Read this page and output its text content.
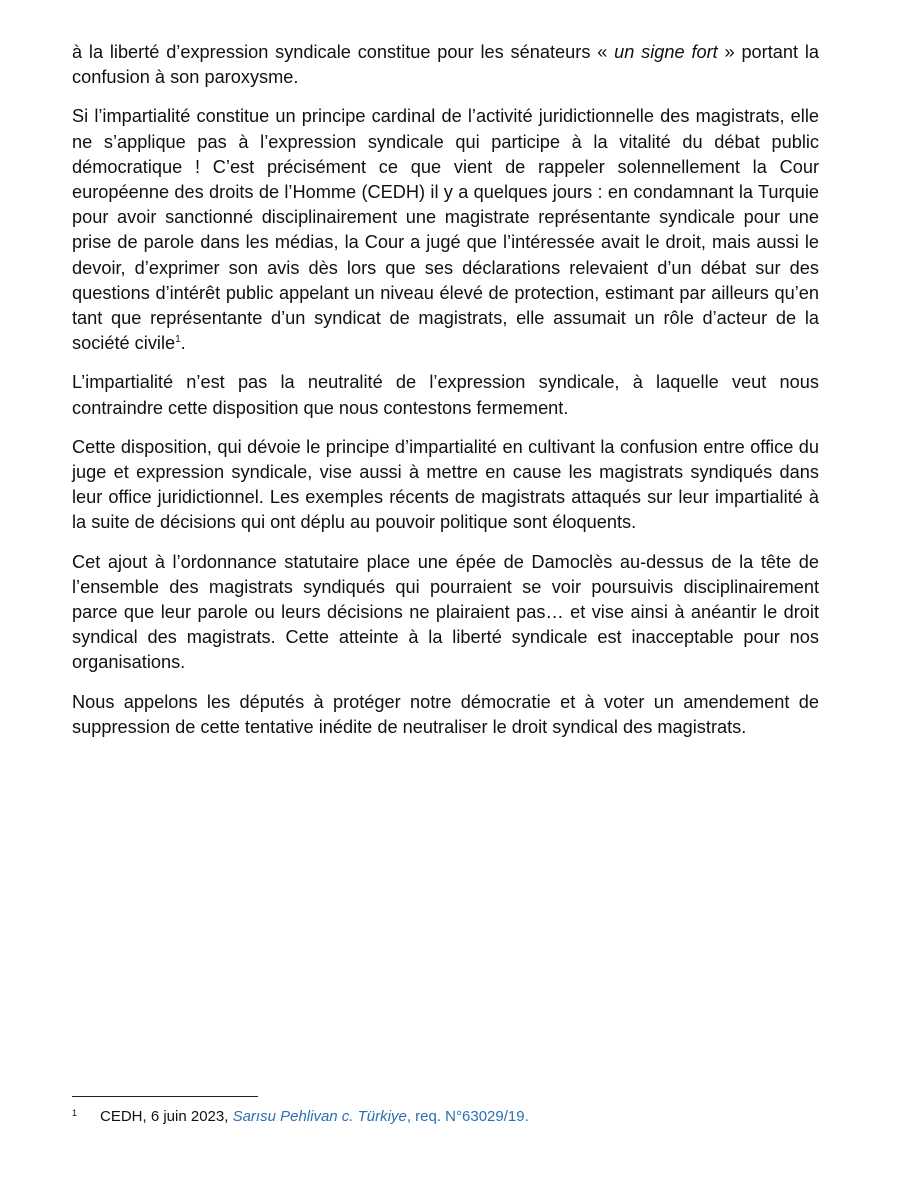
à la liberté d’expression syndicale constitue pour les sénateurs « un signe fort » portant la confusion à son paroxysme.

Si l’impartialité constitue un principe cardinal de l’activité juridictionnelle des magistrats, elle ne s’applique pas à l’expression syndicale qui participe à la vitalité du débat public démocratique ! C’est précisément ce que vient de rappeler solennellement la Cour européenne des droits de l’Homme (CEDH) il y a quelques jours : en condamnant la Turquie pour avoir sanctionné disciplinairement une magistrate représentante syndicale pour une prise de parole dans les médias, la Cour a jugé que l’intéressée avait le droit, mais aussi le devoir, d’exprimer son avis dès lors que ses déclarations relevaient d’un débat sur des questions d’intérêt public appelant un niveau élevé de protection, estimant par ailleurs qu’en tant que représentante d’un syndicat de magistrats, elle assumait un rôle d’acteur de la société civile$^1$.

L’impartialité n’est pas la neutralité de l’expression syndicale, à laquelle veut nous contraindre cette disposition que nous contestons fermement.

Cette disposition, qui dévoie le principe d’impartialité en cultivant la confusion entre office du juge et expression syndicale, vise aussi à mettre en cause les magistrats syndiqués dans leur office juridictionnel. Les exemples récents de magistrats attaqués sur leur impartialité à la suite de décisions qui ont déplu au pouvoir politique sont éloquents.

Cet ajout à l’ordonnance statutaire place une épée de Damoclès au-dessus de la tête de l’ensemble des magistrats syndiqués qui pourraient se voir poursuivis disciplinairement parce que leur parole ou leurs décisions ne plairaient pas… et vise ainsi à anéantir le droit syndical des magistrats. Cette atteinte à la liberté syndicale est inacceptable pour nos organisations.

Nous appelons les députés à protéger notre démocratie et à voter un amendement de suppression de cette tentative inédite de neutraliser le droit syndical des magistrats.

1	CEDH, 6 juin 2023, Sarısu Pehlivan c. Türkiye, req. N°63029/19.
